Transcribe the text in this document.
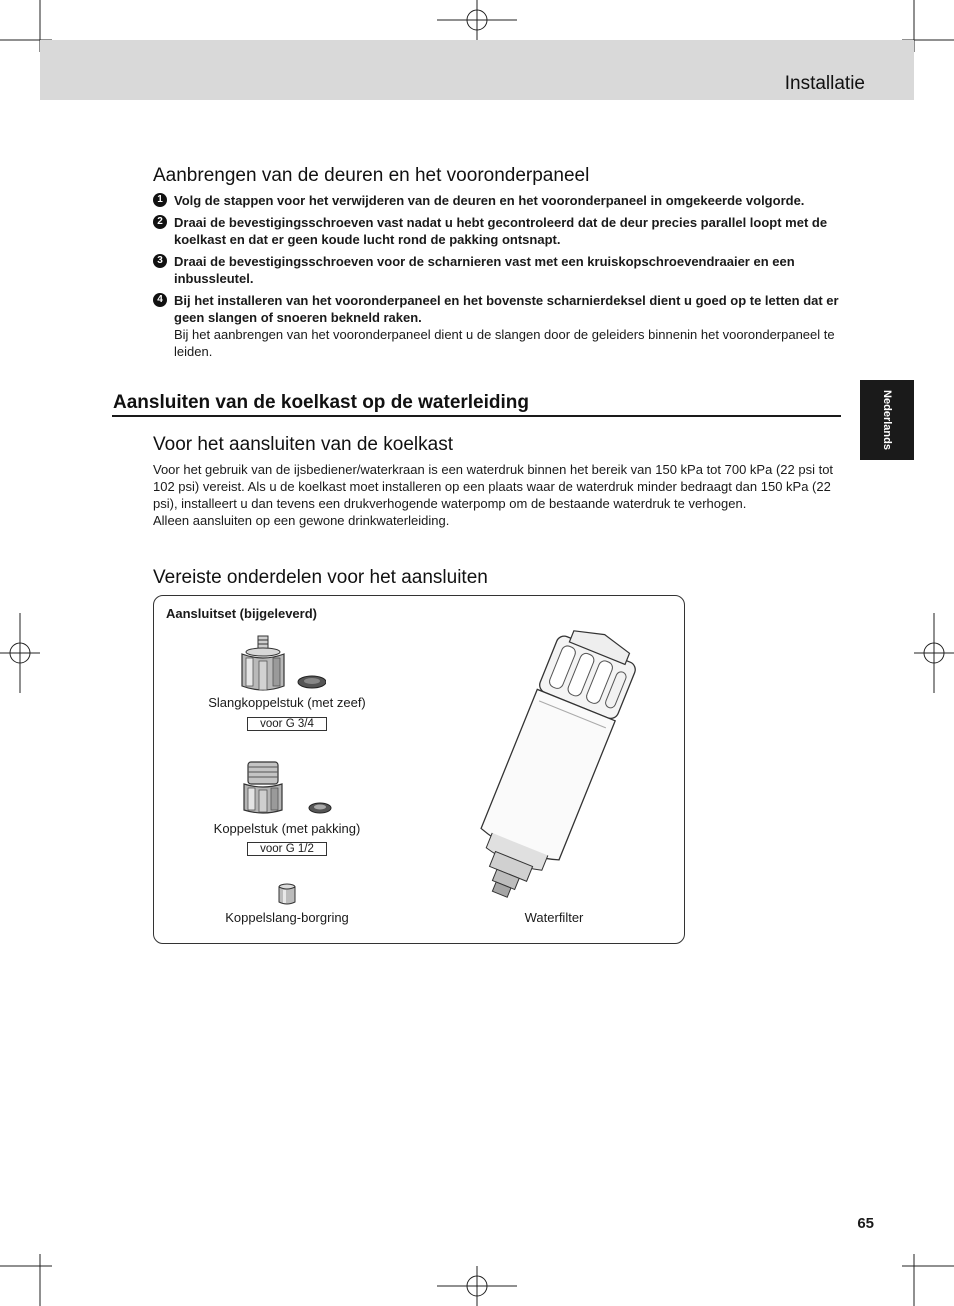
Installatie
Aanbrengen van de deuren en het vooronderpaneel
1 Volg de stappen voor het verwijderen van de deuren en het vooronderpaneel in omgekeerde volgorde.
2 Draai de bevestigingsschroeven vast nadat u hebt gecontroleerd dat de deur precies parallel loopt met de koelkast en dat er geen koude lucht rond de pakking ontsnapt.
3 Draai de bevestigingsschroeven voor de scharnieren vast met een kruiskopschroevendraaier en een inbussleutel.
4 Bij het installeren van het vooronderpaneel en het bovenste scharnierdeksel dient u goed op te letten dat er geen slangen of snoeren bekneld raken.
Bij het aanbrengen van het vooronderpaneel dient u de slangen door de geleiders binnenin het vooronderpaneel te leiden.
Aansluiten van de koelkast op de waterleiding
Voor het aansluiten van de koelkast

Voor het gebruik van de ijsbediener/waterkraan is een waterdruk binnen het bereik van 150 kPa tot 700 kPa (22 psi tot 102 psi) vereist. Als u de koelkast moet installeren op een plaats waar de waterdruk minder bedraagt dan 150 kPa (22 psi), installeert u dan tevens een drukverhogende waterpomp om de bestaande waterdruk te verhogen.

Alleen aansluiten op een gewone drinkwaterleiding.

Vereiste onderdelen voor het aansluiten
Aansluitset (bijgeleverd)
Slangkoppelstuk (met zeef)
voor G 3/4
Koppelstuk (met pakking)
voor G 1/2
Koppelslang-borgring	Waterfilter
Nederlands
65
